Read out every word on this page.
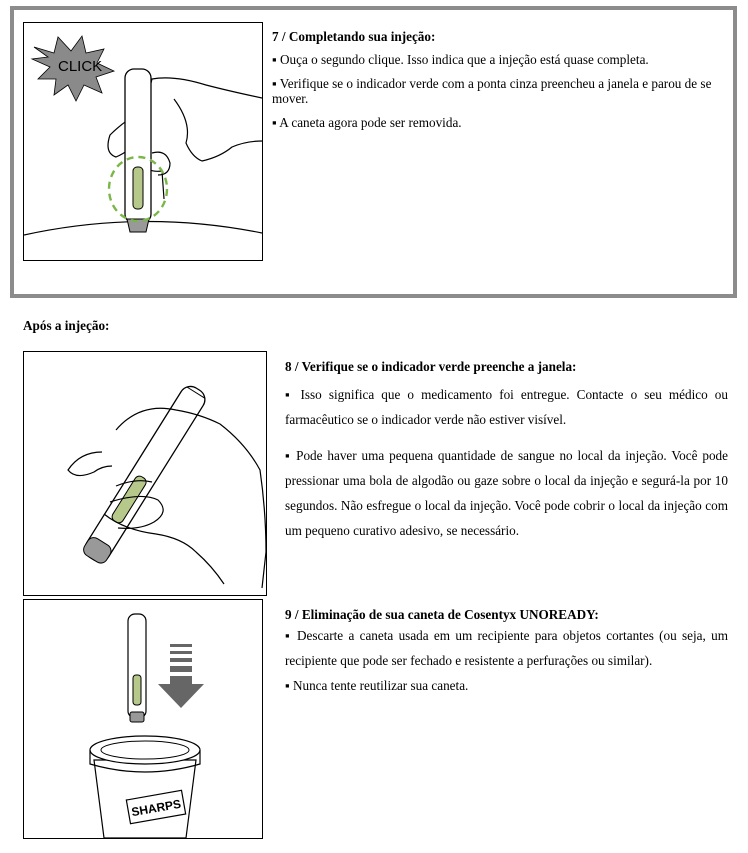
CLICK
7 / Completando sua injeção:

▪ Ouça o segundo clique. Isso indica que a injeção está quase completa.

▪ Verifique se o indicador verde com a ponta cinza preencheu a janela e parou de se mover.

▪ A caneta agora pode ser removida.

Após a injeção:
8 / Verifique se o indicador verde preenche a janela:

▪ Isso significa que o medicamento foi entregue. Contacte o seu médico ou farmacêutico se o indicador verde não estiver visível.

▪ Pode haver uma pequena quantidade de sangue no local da injeção. Você pode pressionar uma bola de algodão ou gaze sobre o local da injeção e segurá-la por 10 segundos. Não esfregue o local da injeção. Você pode cobrir o local da injeção com um pequeno curativo adesivo, se necessário.

SHARPS
9 / Eliminação de sua caneta de Cosentyx UNOREADY:

▪ Descarte a caneta usada em um recipiente para objetos cortantes (ou seja, um recipiente que pode ser fechado e resistente a perfurações ou similar).

▪ Nunca tente reutilizar sua caneta.
